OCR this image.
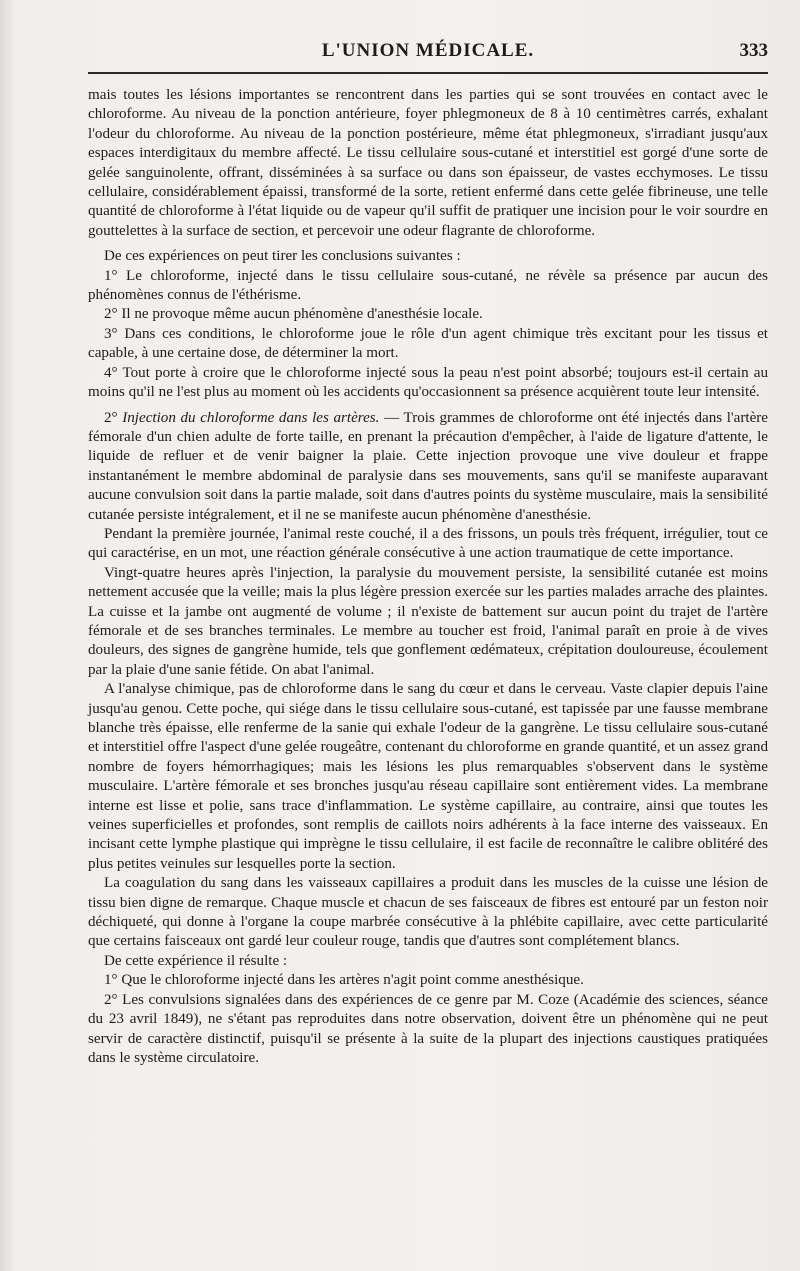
L'UNION MÉDICALE.	333

mais toutes les lésions importantes se rencontrent dans les parties qui se sont trouvées en contact avec le chloroforme. Au niveau de la ponction antérieure, foyer phlegmoneux de 8 à 10 centimètres carrés, exhalant l'odeur du chloroforme. Au niveau de la ponction postérieure, même état phlegmoneux, s'irradiant jusqu'aux espaces interdigitaux du membre affecté. Le tissu cellulaire sous-cutané et interstitiel est gorgé d'une sorte de gelée sanguinolente, offrant, disséminées à sa surface ou dans son épaisseur, de vastes ecchymoses. Le tissu cellulaire, considérablement épaissi, transformé de la sorte, retient enfermé dans cette gelée fibrineuse, une telle quantité de chloroforme à l'état liquide ou de vapeur qu'il suffit de pratiquer une incision pour le voir sourdre en gouttelettes à la surface de section, et percevoir une odeur flagrante de chloroforme.

De ces expériences on peut tirer les conclusions suivantes :

1° Le chloroforme, injecté dans le tissu cellulaire sous-cutané, ne révèle sa présence par aucun des phénomènes connus de l'éthérisme.

2° Il ne provoque même aucun phénomène d'anesthésie locale.

3° Dans ces conditions, le chloroforme joue le rôle d'un agent chimique très excitant pour les tissus et capable, à une certaine dose, de déterminer la mort.

4° Tout porte à croire que le chloroforme injecté sous la peau n'est point absorbé; toujours est-il certain au moins qu'il ne l'est plus au moment où les accidents qu'occasionnent sa présence acquièrent toute leur intensité.

2° Injection du chloroforme dans les artères. — Trois grammes de chloroforme ont été injectés dans l'artère fémorale d'un chien adulte de forte taille, en prenant la précaution d'empêcher, à l'aide de ligature d'attente, le liquide de refluer et de venir baigner la plaie. Cette injection provoque une vive douleur et frappe instantanément le membre abdominal de paralysie dans ses mouvements, sans qu'il se manifeste auparavant aucune convulsion soit dans la partie malade, soit dans d'autres points du système musculaire, mais la sensibilité cutanée persiste intégralement, et il ne se manifeste aucun phénomène d'anesthésie.

Pendant la première journée, l'animal reste couché, il a des frissons, un pouls très fréquent, irrégulier, tout ce qui caractérise, en un mot, une réaction générale consécutive à une action traumatique de cette importance.

Vingt-quatre heures après l'injection, la paralysie du mouvement persiste, la sensibilité cutanée est moins nettement accusée que la veille; mais la plus légère pression exercée sur les parties malades arrache des plaintes. La cuisse et la jambe ont augmenté de volume ; il n'existe de battement sur aucun point du trajet de l'artère fémorale et de ses branches terminales. Le membre au toucher est froid, l'animal paraît en proie à de vives douleurs, des signes de gangrène humide, tels que gonflement œdémateux, crépitation douloureuse, écoulement par la plaie d'une sanie fétide. On abat l'animal.

A l'analyse chimique, pas de chloroforme dans le sang du cœur et dans le cerveau. Vaste clapier depuis l'aine jusqu'au genou. Cette poche, qui siége dans le tissu cellulaire sous-cutané, est tapissée par une fausse membrane blanche très épaisse, elle renferme de la sanie qui exhale l'odeur de la gangrène. Le tissu cellulaire sous-cutané et interstitiel offre l'aspect d'une gelée rougeâtre, contenant du chloroforme en grande quantité, et un assez grand nombre de foyers hémorrhagiques; mais les lésions les plus remarquables s'observent dans le système musculaire. L'artère fémorale et ses bronches jusqu'au réseau capillaire sont entièrement vides. La membrane interne est lisse et polie, sans trace d'inflammation. Le système capillaire, au contraire, ainsi que toutes les veines superficielles et profondes, sont remplis de caillots noirs adhérents à la face interne des vaisseaux. En incisant cette lymphe plastique qui imprègne le tissu cellulaire, il est facile de reconnaître le calibre oblitéré des plus petites veinules sur lesquelles porte la section.

La coagulation du sang dans les vaisseaux capillaires a produit dans les muscles de la cuisse une lésion de tissu bien digne de remarque. Chaque muscle et chacun de ses faisceaux de fibres est entouré par un feston noir déchiqueté, qui donne à l'organe la coupe marbrée consécutive à la phlébite capillaire, avec cette particularité que certains faisceaux ont gardé leur couleur rouge, tandis que d'autres sont complétement blancs.

De cette expérience il résulte :

1° Que le chloroforme injecté dans les artères n'agit point comme anesthésique.

2° Les convulsions signalées dans des expériences de ce genre par M. Coze (Académie des sciences, séance du 23 avril 1849), ne s'étant pas reproduites dans notre observation, doivent être un phénomène qui ne peut servir de caractère distinctif, puisqu'il se présente à la suite de la plupart des injections caustiques pratiquées dans le système circulatoire.
